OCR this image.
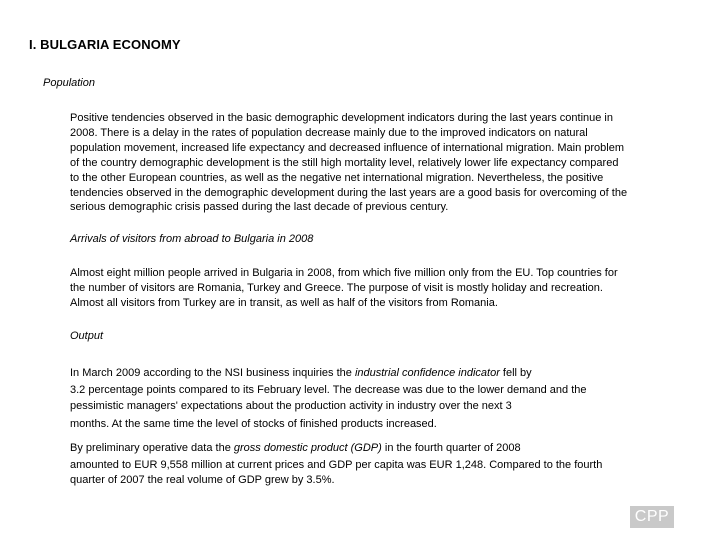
I. BULGARIA ECONOMY
Population
Positive tendencies observed in the basic demographic development indicators during the last years continue in
2008. There is a delay in the rates of population decrease mainly due to the improved indicators on natural
population movement, increased life expectancy and decreased influence of international migration. Main problem
of the country demographic development is the still high mortality level, relatively lower life expectancy compared
to the other European countries, as well as the negative net international migration. Nevertheless, the positive
tendencies observed in the demographic development during the last years are a good basis for overcoming of the
serious demographic crisis passed during the last decade of previous century.
Arrivals of visitors from abroad to Bulgaria in 2008
Almost eight million people arrived in Bulgaria in 2008, from which five million only from the EU. Top countries for
the number of visitors are Romania, Turkey and Greece. The purpose of visit is mostly holiday and recreation.
Almost all visitors from Turkey are in transit, as well as half of the visitors from Romania.
Output
In March 2009 according to the NSI business inquiries the industrial confidence indicator fell by
3.2 percentage points compared to its February level. The decrease was due to the lower demand and the
pessimistic managers' expectations about the production activity in industry over the next 3
months. At the same time the level of stocks of finished products increased.
By preliminary operative data the gross domestic product (GDP) in the fourth quarter of 2008
amounted to EUR 9,558 million at current prices and GDP per capita was EUR 1,248. Compared to the fourth
quarter of 2007 the real volume of GDP grew by 3.5%.
CPP
